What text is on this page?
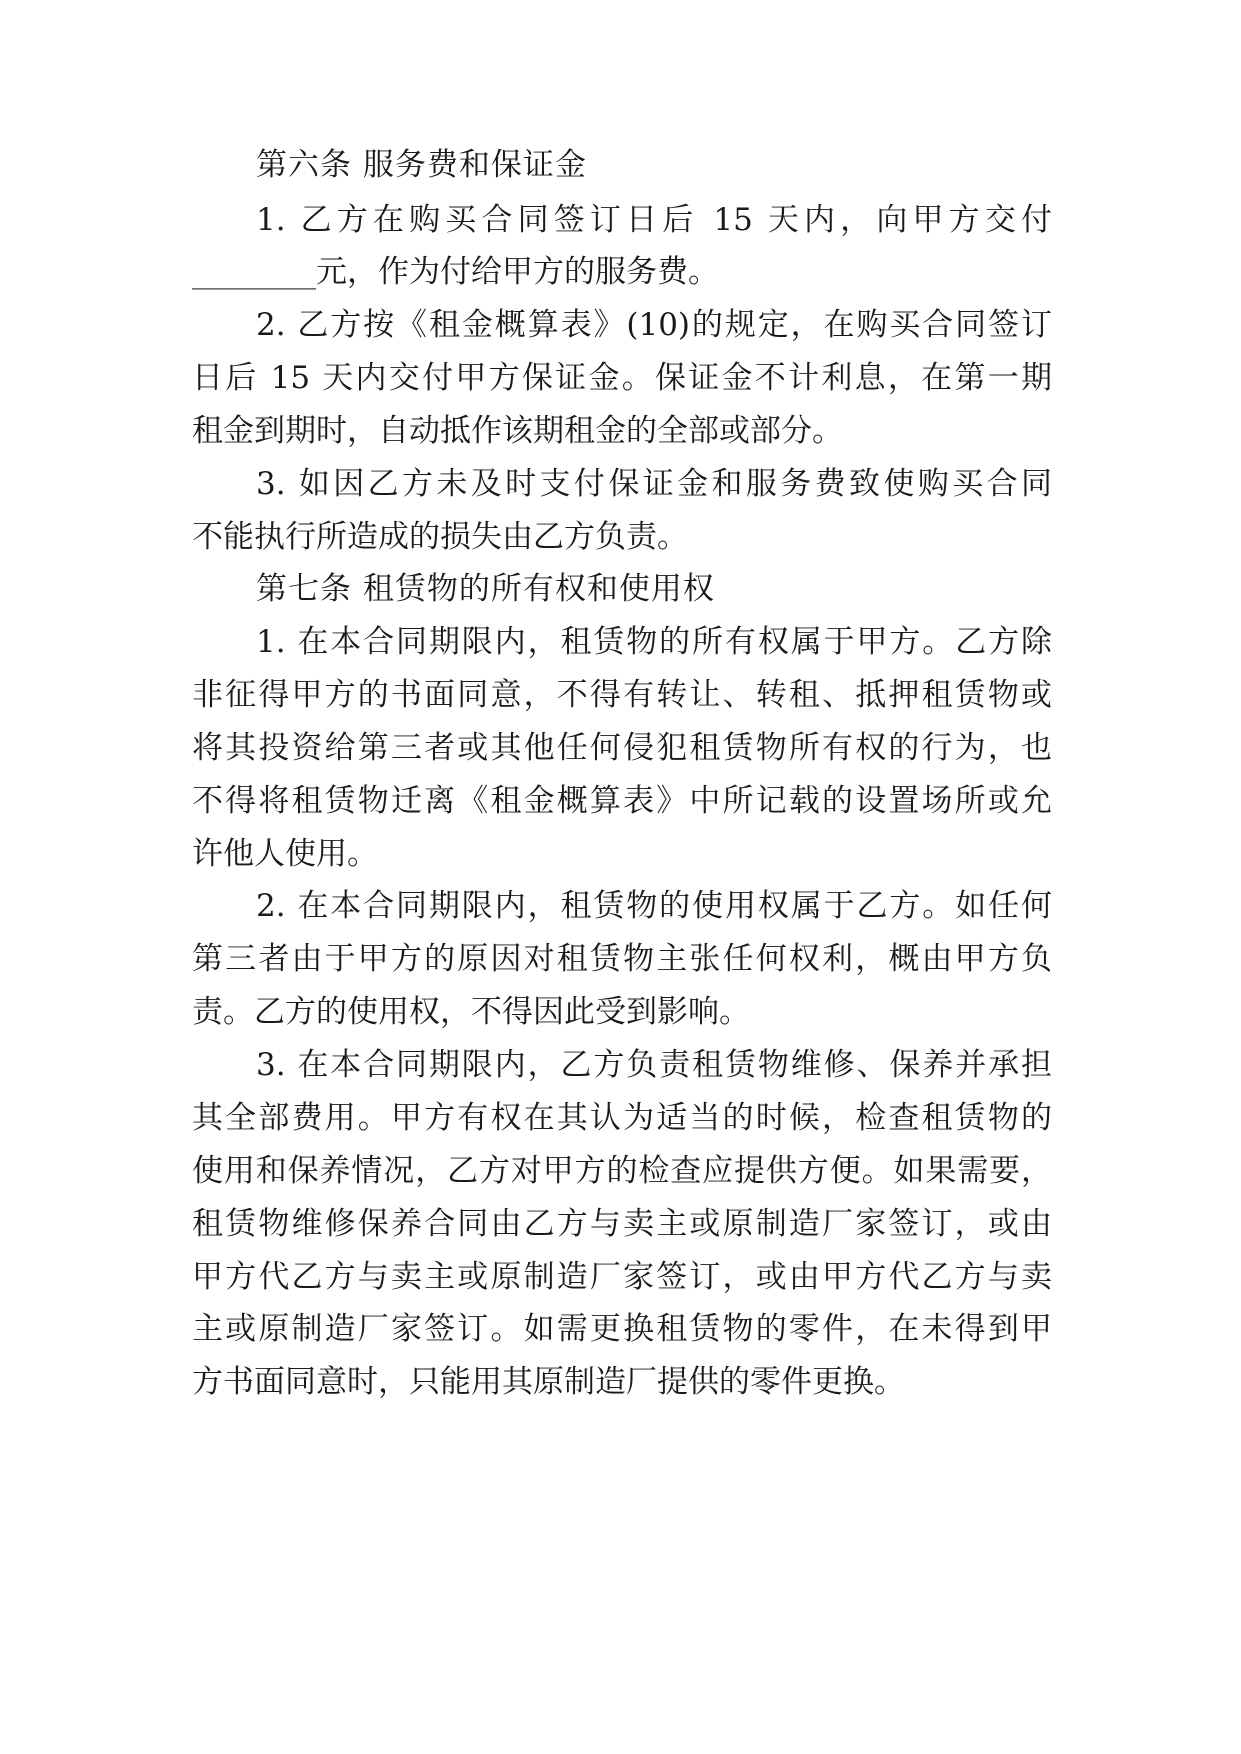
第六条 服务费和保证金
1. 乙方在购买合同签订日后 15 天内，向甲方交付
________元，作为付给甲方的服务费。
2. 乙方按《租金概算表》(10)的规定，在购买合同签订
日后 15 天内交付甲方保证金。保证金不计利息，在第一期
租金到期时，自动抵作该期租金的全部或部分。
3. 如因乙方未及时支付保证金和服务费致使购买合同
不能执行所造成的损失由乙方负责。
第七条 租赁物的所有权和使用权
1. 在本合同期限内，租赁物的所有权属于甲方。乙方除
非征得甲方的书面同意，不得有转让、转租、抵押租赁物或
将其投资给第三者或其他任何侵犯租赁物所有权的行为，也
不得将租赁物迁离《租金概算表》中所记载的设置场所或允
许他人使用。
2. 在本合同期限内，租赁物的使用权属于乙方。如任何
第三者由于甲方的原因对租赁物主张任何权利，概由甲方负
责。乙方的使用权，不得因此受到影响。
3. 在本合同期限内，乙方负责租赁物维修、保养并承担
其全部费用。甲方有权在其认为适当的时候，检查租赁物的
使用和保养情况，乙方对甲方的检查应提供方便。如果需要，
租赁物维修保养合同由乙方与卖主或原制造厂家签订，或由
甲方代乙方与卖主或原制造厂家签订，或由甲方代乙方与卖
主或原制造厂家签订。如需更换租赁物的零件，在未得到甲
方书面同意时，只能用其原制造厂提供的零件更换。
